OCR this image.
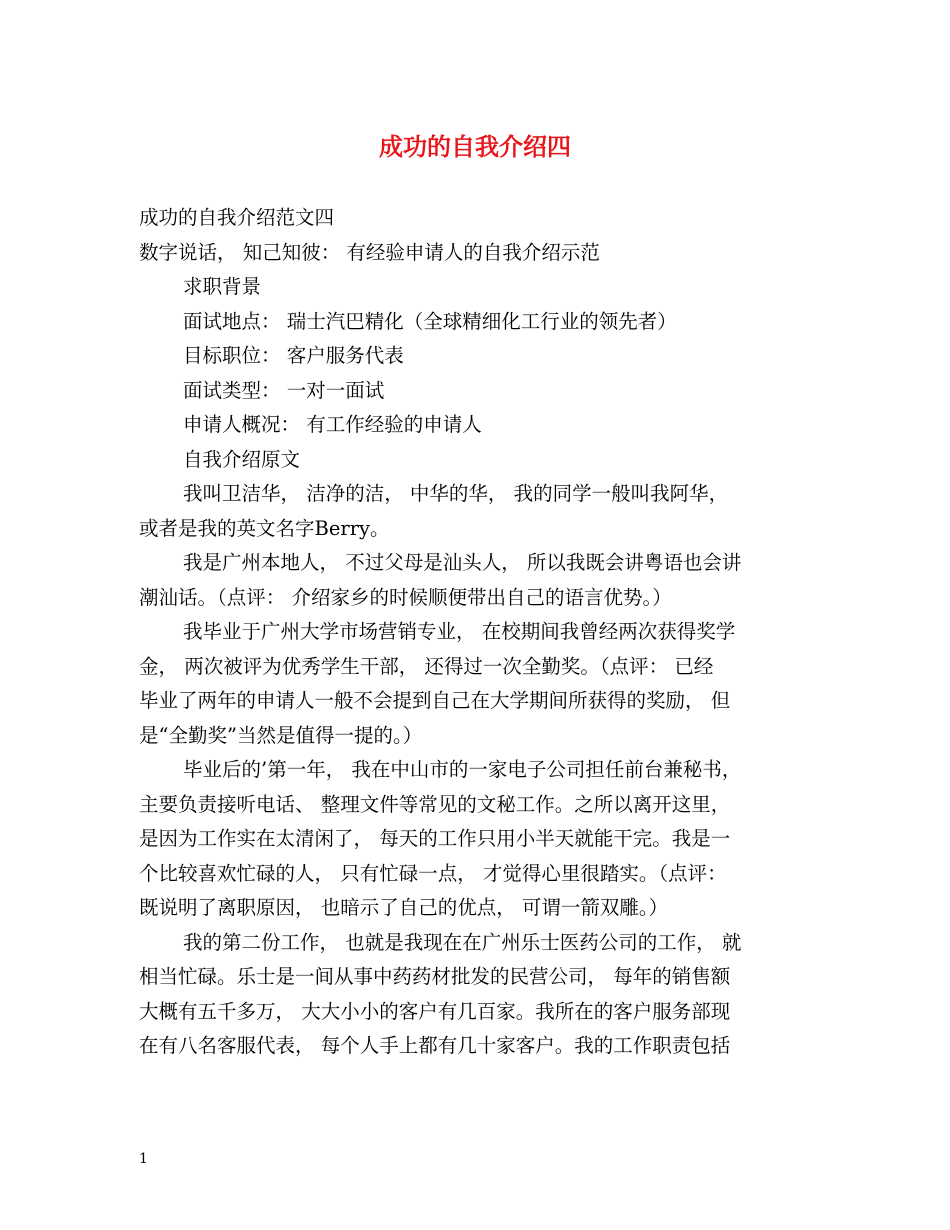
成功的自我介绍四
成功的自我介绍范文四
数字说话， 知己知彼： 有经验申请人的自我介绍示范
求职背景
面试地点： 瑞士汽巴精化（全球精细化工行业的领先者）
目标职位： 客户服务代表
面试类型： 一对一面试
申请人概况： 有工作经验的申请人
自我介绍原文
我叫卫洁华， 洁净的洁， 中华的华， 我的同学一般叫我阿华，
或者是我的英文名字Berry。
我是广州本地人， 不过父母是汕头人， 所以我既会讲粤语也会讲
潮汕话。（点评： 介绍家乡的时候顺便带出自己的语言优势。）
我毕业于广州大学市场营销专业， 在校期间我曾经两次获得奖学
金， 两次被评为优秀学生干部， 还得过一次全勤奖。（点评： 已经
毕业了两年的申请人一般不会提到自己在大学期间所获得的奖励， 但
是“全勤奖”当然是值得一提的。）
毕业后的’第一年， 我在中山市的一家电子公司担任前台兼秘书，
主要负责接听电话、 整理文件等常见的文秘工作。之所以离开这里，
是因为工作实在太清闲了， 每天的工作只用小半天就能干完。我是一
个比较喜欢忙碌的人， 只有忙碌一点， 才觉得心里很踏实。（点评：
既说明了离职原因， 也暗示了自己的优点， 可谓一箭双雕。）
我的第二份工作， 也就是我现在在广州乐士医药公司的工作， 就
相当忙碌。乐士是一间从事中药药材批发的民营公司， 每年的销售额
大概有五千多万， 大大小小的客户有几百家。我所在的客户服务部现
在有八名客服代表， 每个人手上都有几十家客户。我的工作职责包括
1
